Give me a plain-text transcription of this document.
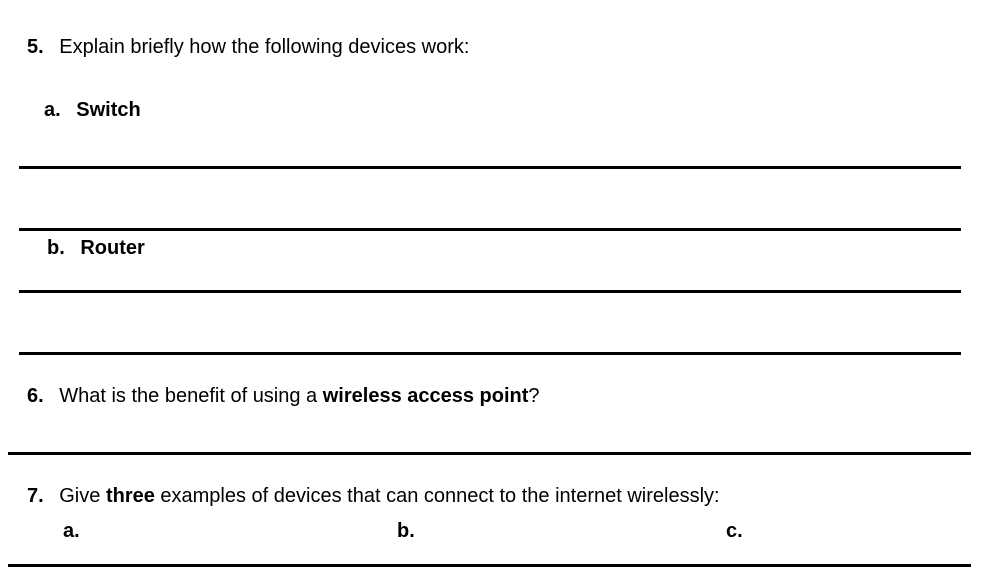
5. Explain briefly how the following devices work:
a. Switch
b. Router
6. What is the benefit of using a wireless access point?
7. Give three examples of devices that can connect to the internet wirelessly:
a.	b.	c.
